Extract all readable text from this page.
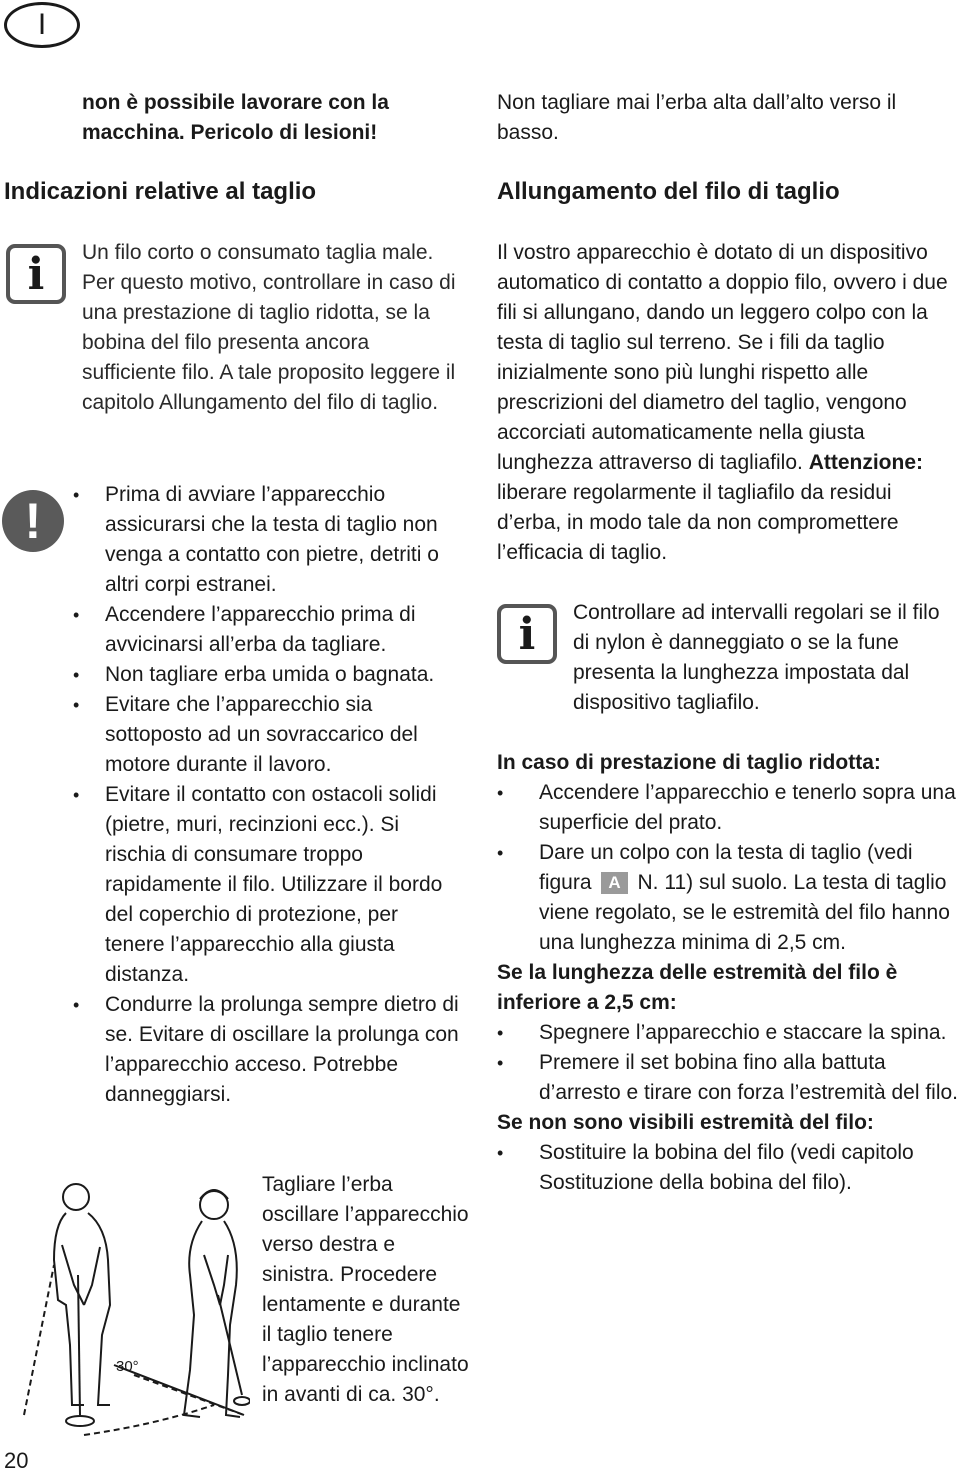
I

non è possibile lavorare con la macchina. Pericolo di lesioni!

Indicazioni relative al taglio
i	Un filo corto o consumato taglia male. Per questo motivo, controllare in caso di una prestazione di taglio ridotta, se la bobina del filo presenta ancora sufficiente filo. A tale proposito leggere il capitolo Allungamento del filo di taglio.

!
•	Prima di avviare l’apparecchio assicurarsi che la testa di taglio non venga a contatto con pietre, detriti o altri corpi estranei.
• Accendere l’apparecchio prima di avvicinarsi all’erba da tagliare.
• Non tagliare erba umida o bagnata.
• Evitare che l’apparecchio sia sottoposto ad un sovraccarico del motore durante il lavoro.
• Evitare il contatto con ostacoli solidi (pietre, muri, recinzioni ecc.). Si rischia di consumare troppo rapidamente il filo. Utilizzare il bordo del coperchio di protezione, per tenere l’apparecchio alla giusta distanza.
• Condurre la prolunga sempre dietro di se. Evitare di oscillare la prolunga con l’apparecchio acceso. Potrebbe danneggiarsi.
30°

Tagliare l’erba oscillare l’apparecchio verso destra e sinistra. Procedere lentamente e durante il taglio tenere l’apparecchio inclinato in avanti di ca. 30°.

20

Non tagliare mai l’erba alta dall’alto verso il basso.

Allungamento del filo di taglio
Il vostro apparecchio è dotato di un dispositivo automatico di contatto a doppio filo, ovvero i due fili si allungano, dando un leggero colpo con la testa di taglio sul terreno. Se i fili da taglio inizialmente sono più lunghi rispetto alle prescrizioni del diametro del taglio, vengono accorciati automaticamente nella giusta lunghezza attraverso di tagliafilo. Attenzione: liberare regolarmente il tagliafilo da residui d’erba, in modo tale da non compromettere l’efficacia di taglio.
i	Controllare ad intervalli regolari se il filo di nylon è danneggiato o se la fune presenta la lunghezza impostata dal dispositivo tagliafilo.

In caso di prestazione di taglio ridotta:
• Accendere l’apparecchio e tenerlo sopra una superficie del prato.
• Dare un colpo con la testa di taglio (vedi figura A N. 11) sul suolo. La testa di taglio viene regolato, se le estremità del filo hanno una lunghezza minima di 2,5 cm.
Se la lunghezza delle estremità del filo è inferiore a 2,5 cm:
• Spegnere l’apparecchio e staccare la spina.
• Premere il set bobina fino alla battuta d’arresto e tirare con forza l’estremità del filo.
Se non sono visibili estremità del filo:
• Sostituire la bobina del filo (vedi capitolo Sostituzione della bobina del filo).
